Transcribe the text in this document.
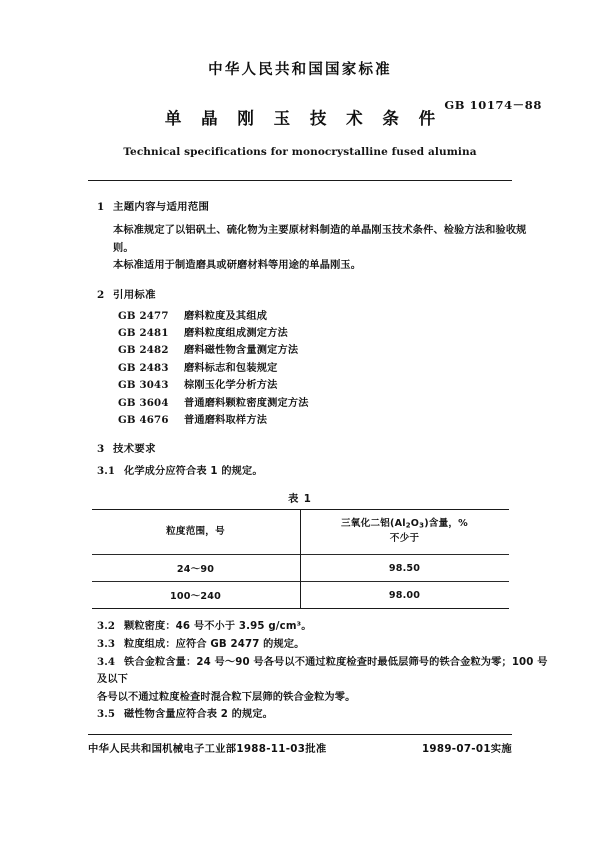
中华人民共和国国家标准
GB 10174－88
单 晶 刚 玉 技 术 条 件
Technical specifications for monocrystalline fused alumina
1 主题内容与适用范围
本标准规定了以铝矾土、硫化物为主要原材料制造的单晶刚玉技术条件、检验方法和验收规则。
本标准适用于制造磨具或研磨材料等用途的单晶刚玉。
2 引用标准
GB 2477	磨料粒度及其组成
GB 2481	磨料粒度组成测定方法
GB 2482	磨料磁性物含量测定方法
GB 2483	磨料标志和包装规定
GB 3043	棕刚玉化学分析方法
GB 3604	普通磨料颗粒密度测定方法
GB 4676	普通磨料取样方法
3 技术要求
3.1 化学成分应符合表 1 的规定。
表 1
粒度范围，号	三氧化二铝$(Al_2O_3)$含量，%
不少于

24～90	98.50
100～240	98.00
3.2 颗粒密度：46 号不小于 3.95 g/cm³。
3.3 粒度组成：应符合 GB 2477 的规定。
3.4 铁合金粒含量：24 号～90 号各号以不通过粒度检查时最低层筛号的铁合金粒为零；100 号及以下
各号以不通过粒度检查时混合粒下层筛的铁合金粒为零。
3.5 磁性物含量应符合表 2 的规定。
中华人民共和国机械电子工业部1988-11-03批准	1989-07-01实施
